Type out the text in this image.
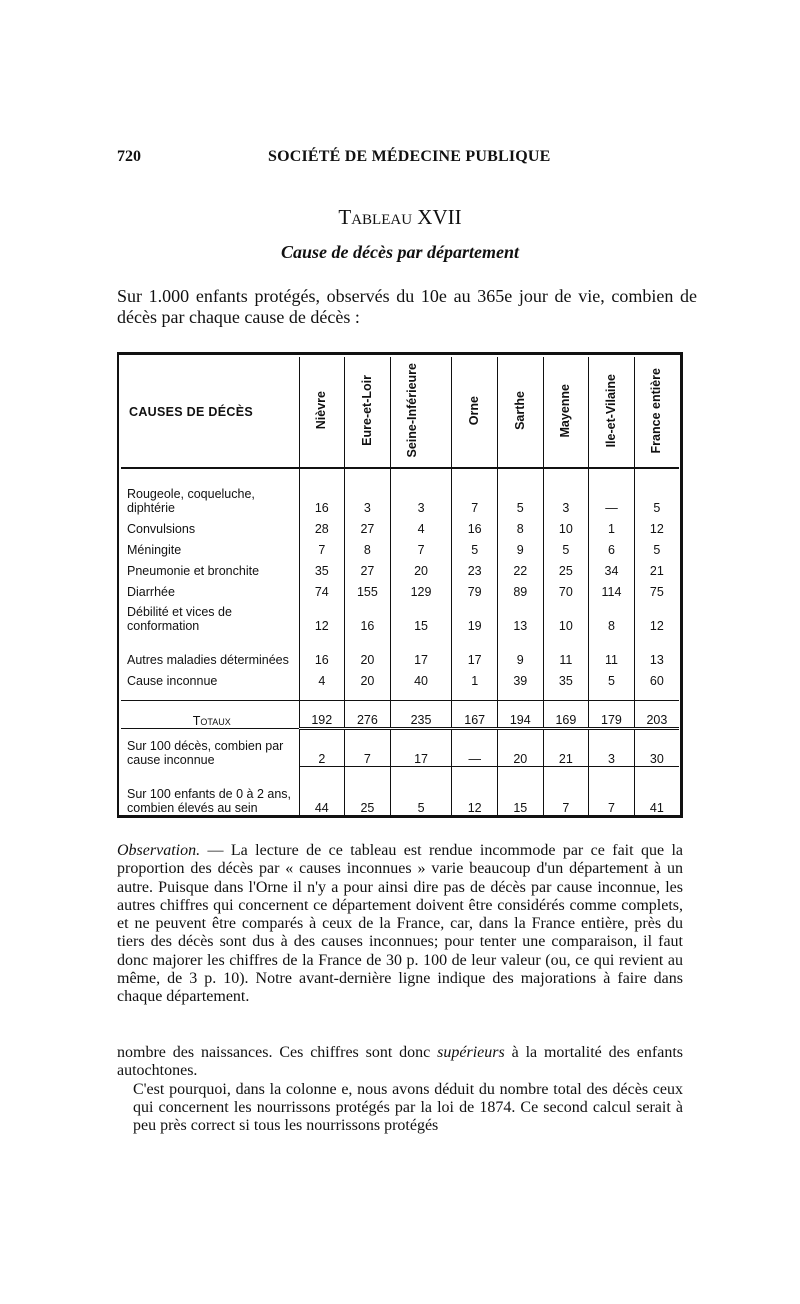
720	SOCIÉTÉ DE MÉDECINE PUBLIQUE
Tableau XVII
Cause de décès par département
Sur 1.000 enfants protégés, observés du 10e au 365e jour de vie, combien de décès par chaque cause de décès :
CAUSES DE DÉCÈS	Nièvre	Eure-et-Loir	Seine-Inférieure	Orne	Sarthe	Mayenne	Ile-et-Vilaine	France entière

Rougeole, coqueluche, diphtérie	16	3	3	7	5	3	—	5
Convulsions	28	27	4	16	8	10	1	12
Méningite	7	8	7	5	9	5	6	5
Pneumonie et bronchite	35	27	20	23	22	25	34	21
Diarrhée	74	155	129	79	89	70	114	75
Débilité et vices de conformation	12	16	15	19	13	10	8	12
Autres maladies déterminées	16	20	17	17	9	11	11	13
Cause inconnue	4	20	40	1	39	35	5	60

Totaux	192	276	235	167	194	169	179	203
Sur 100 décès, combien par cause inconnue	2	7	17	—	20	21	3	30
Sur 100 enfants de 0 à 2 ans, combien élevés au sein	44	25	5	12	15	7	7	41
Observation. — La lecture de ce tableau est rendue incommode par ce fait que la proportion des décès par « causes inconnues » varie beaucoup d'un département à un autre. Puisque dans l'Orne il n'y a pour ainsi dire pas de décès par cause inconnue, les autres chiffres qui concernent ce département doivent être considérés comme complets, et ne peuvent être comparés à ceux de la France, car, dans la France entière, près du tiers des décès sont dus à des causes inconnues; pour tenter une comparaison, il faut donc majorer les chiffres de la France de 30 p. 100 de leur valeur (ou, ce qui revient au même, de 3 p. 10). Notre avant-dernière ligne indique des majorations à faire dans chaque département.
nombre des naissances. Ces chiffres sont donc supérieurs à la mortalité des enfants autochtones.
C'est pourquoi, dans la colonne e, nous avons déduit du nombre total des décès ceux qui concernent les nourrissons protégés par la loi de 1874. Ce second calcul serait à peu près correct si tous les nourrissons protégés
